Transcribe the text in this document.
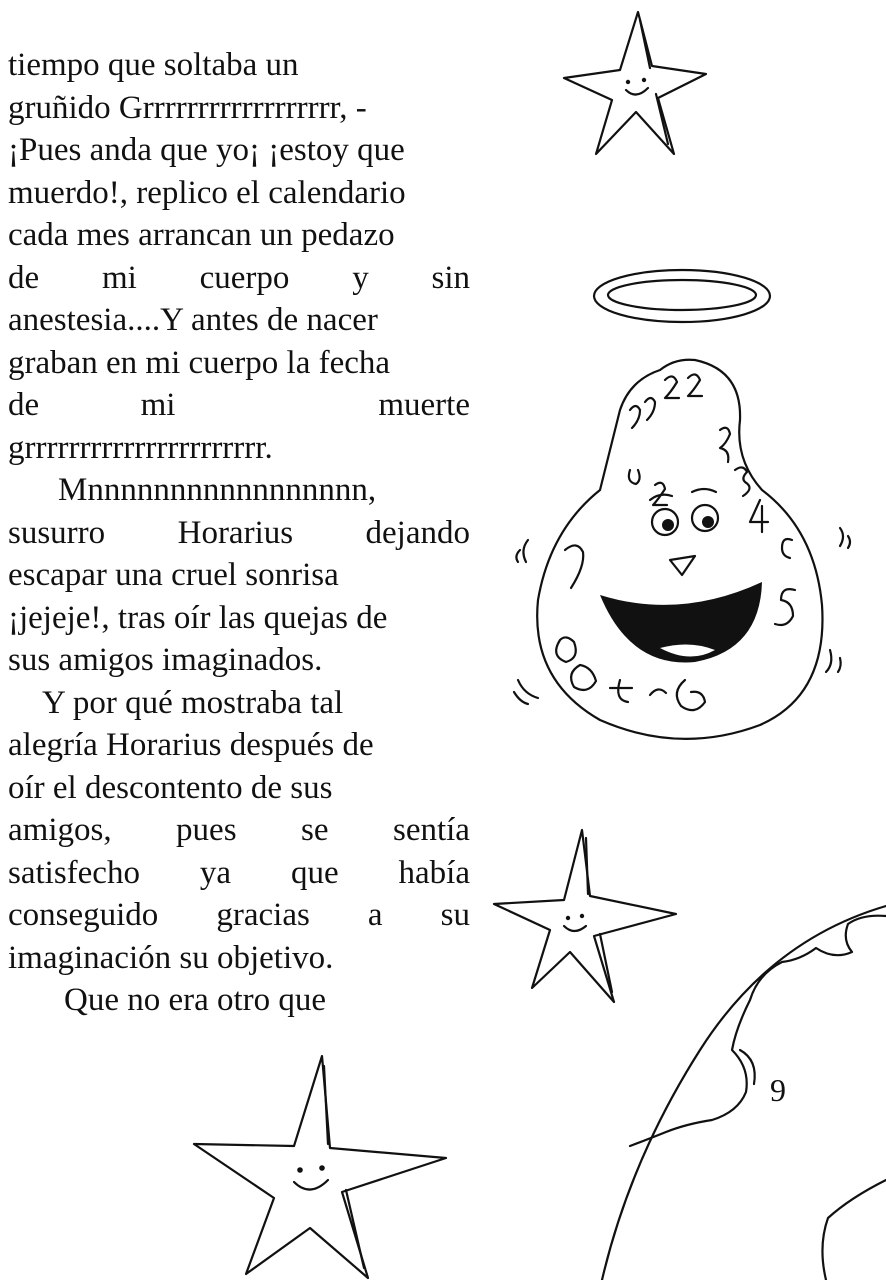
tiempo que soltaba un
gruñido Grrrrrrrrrrrrrrrrrr, -
¡Pues anda que yo¡ ¡estoy que
muerdo!, replico el calendario
cada mes arrancan un pedazo
de mi cuerpo y sin
anestesia....Y antes de nacer
graban en mi cuerpo la fecha
de	mi	muerte
grrrrrrrrrrrrrrrrrrrrrr.
Mnnnnnnnnnnnnnnnnn,
susurro Horarius dejando
escapar una cruel sonrisa
¡jejeje!, tras oír las quejas de
sus amigos imaginados.
Y por qué mostraba tal
alegría Horarius después de
oír el descontento de sus
amigos, pues se sentía
satisfecho ya que había
conseguido gracias a su
imaginación su objetivo.
Que no era otro que
9
